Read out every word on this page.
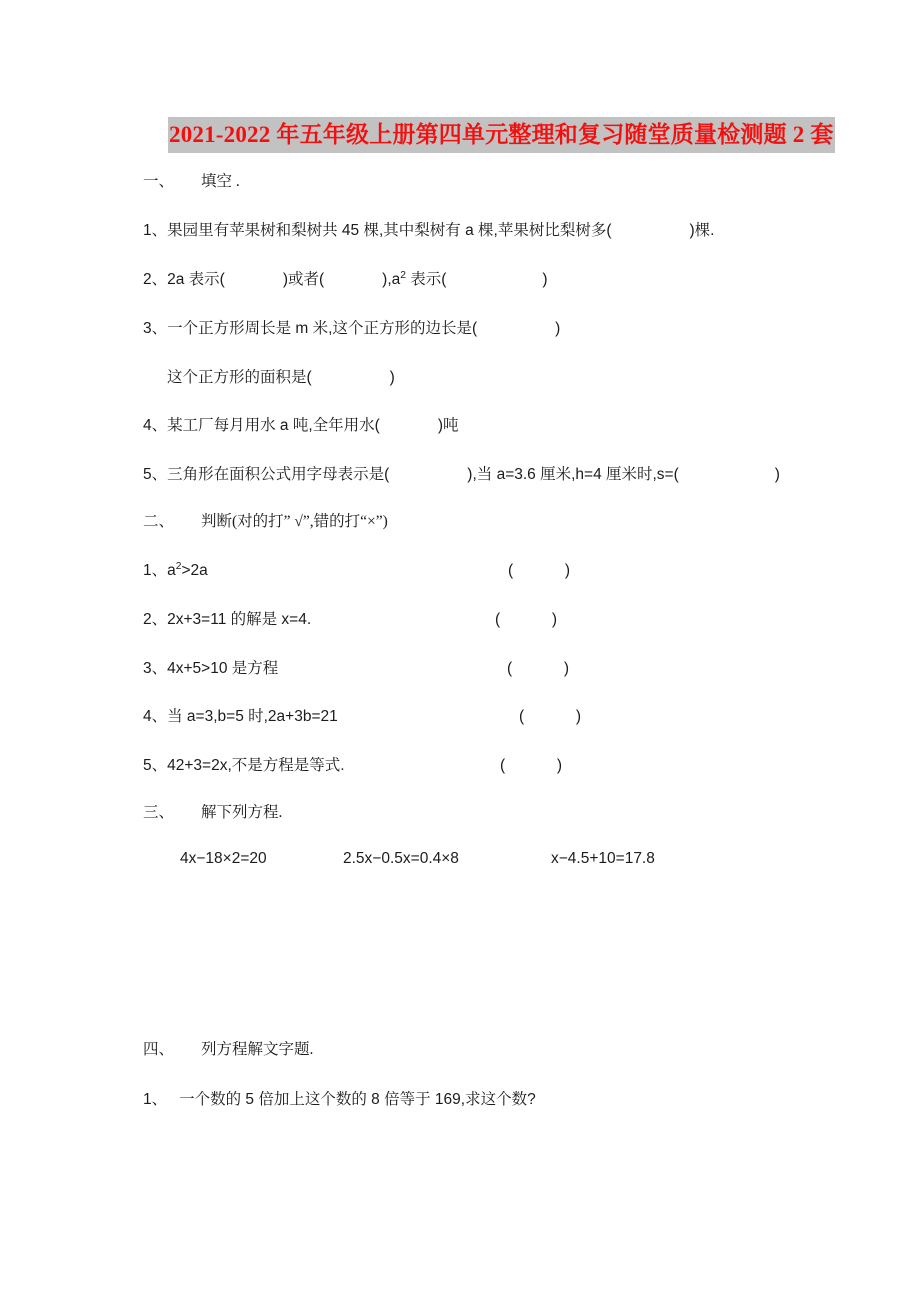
2021-2022 年五年级上册第四单元整理和复习随堂质量检测题 2 套
一、 填空 .
1、果园里有苹果树和梨树共 45 棵,其中梨树有 a 棵,苹果树比梨树多(	)棵.
2、2a 表示(	)或者(	)$,a^2$ 表示(	)
3、一个正方形周长是 m 米,这个正方形的边长是(	)
这个正方形的面积是(	)
4、某工厂每月用水 a 吨,全年用水(	)吨
5、三角形在面积公式用字母表示是(	),当 a=3.6 厘米,h=4 厘米时,s=(	)
二、 判断(对的打” √”,错的打“×”)
1、$a^2>2a$	(            )
2、2x+3=11 的解是 x=4.	(            )
3、4x+5>10 是方程	(            )
4、当 a=3,b=5 时,2a+3b=21	(            )
5、42+3=2x,不是方程是等式.	(            )
三、 解下列方程.
4x−18×2=20	2.5x−0.5x=0.4×8	x−4.5+10=17.8
四、 列方程解文字题.
1、 一个数的 5 倍加上这个数的 8 倍等于 169,求这个数?
